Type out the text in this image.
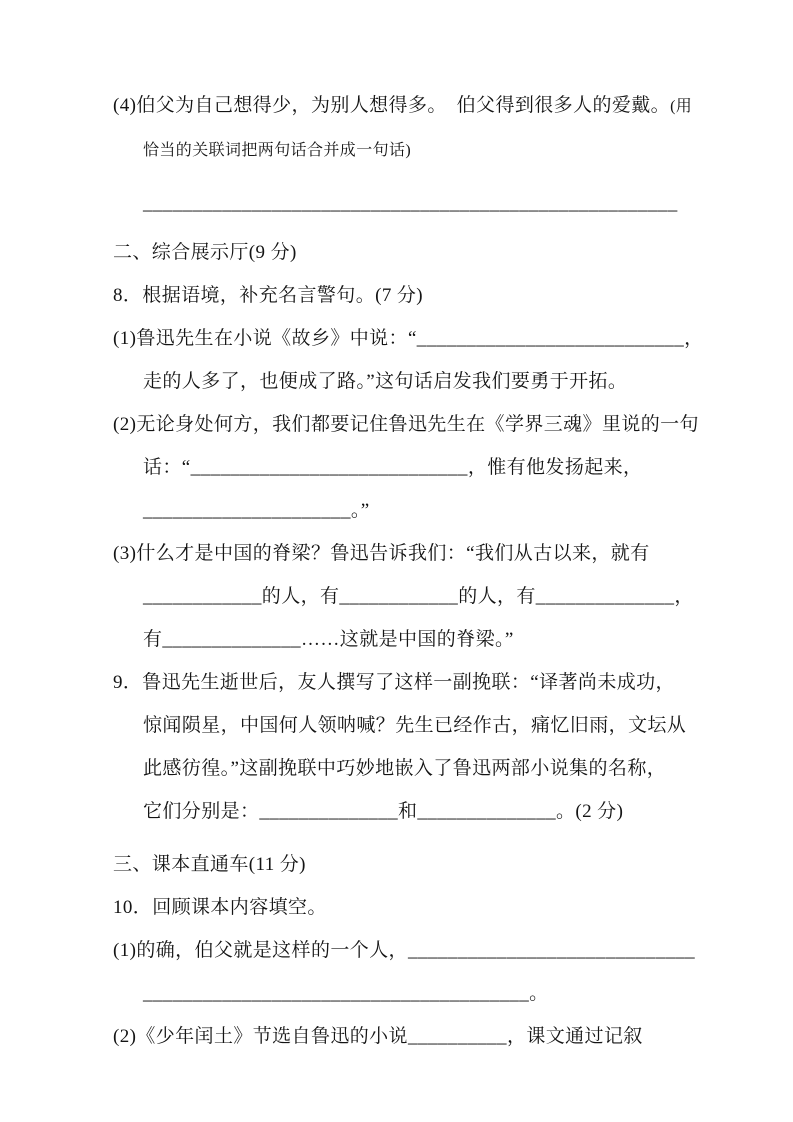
(4)伯父为自己想得少，为别人想得多。　伯父得到很多人的爱戴。(用
恰当的关联词把两句话合并成一句话)
______________________________________________________
二、综合展示厅(9 分)
8．根据语境，补充名言警句。(7 分)
(1)鲁迅先生在小说《故乡》中说：“___________________________，
走的人多了，也便成了路。”这句话启发我们要勇于开拓。
(2)无论身处何方，我们都要记住鲁迅先生在《学界三魂》里说的一句
话：“____________________________，惟有他发扬起来，
_____________________。”
(3)什么才是中国的脊梁？鲁迅告诉我们：“我们从古以来，就有
____________的人，有____________的人，有______________，
有______________……这就是中国的脊梁。”
9．鲁迅先生逝世后，友人撰写了这样一副挽联：“译著尚未成功，
惊闻陨星，中国何人领呐喊？先生已经作古，痛忆旧雨，文坛从
此感彷徨。”这副挽联中巧妙地嵌入了鲁迅两部小说集的名称，
它们分别是：______________和______________。(2 分)
三、课本直通车(11 分)
10．回顾课本内容填空。
(1)的确，伯父就是这样的一个人，_____________________________
_______________________________________。
(2)《少年闰土》节选自鲁迅的小说__________，课文通过记叙
